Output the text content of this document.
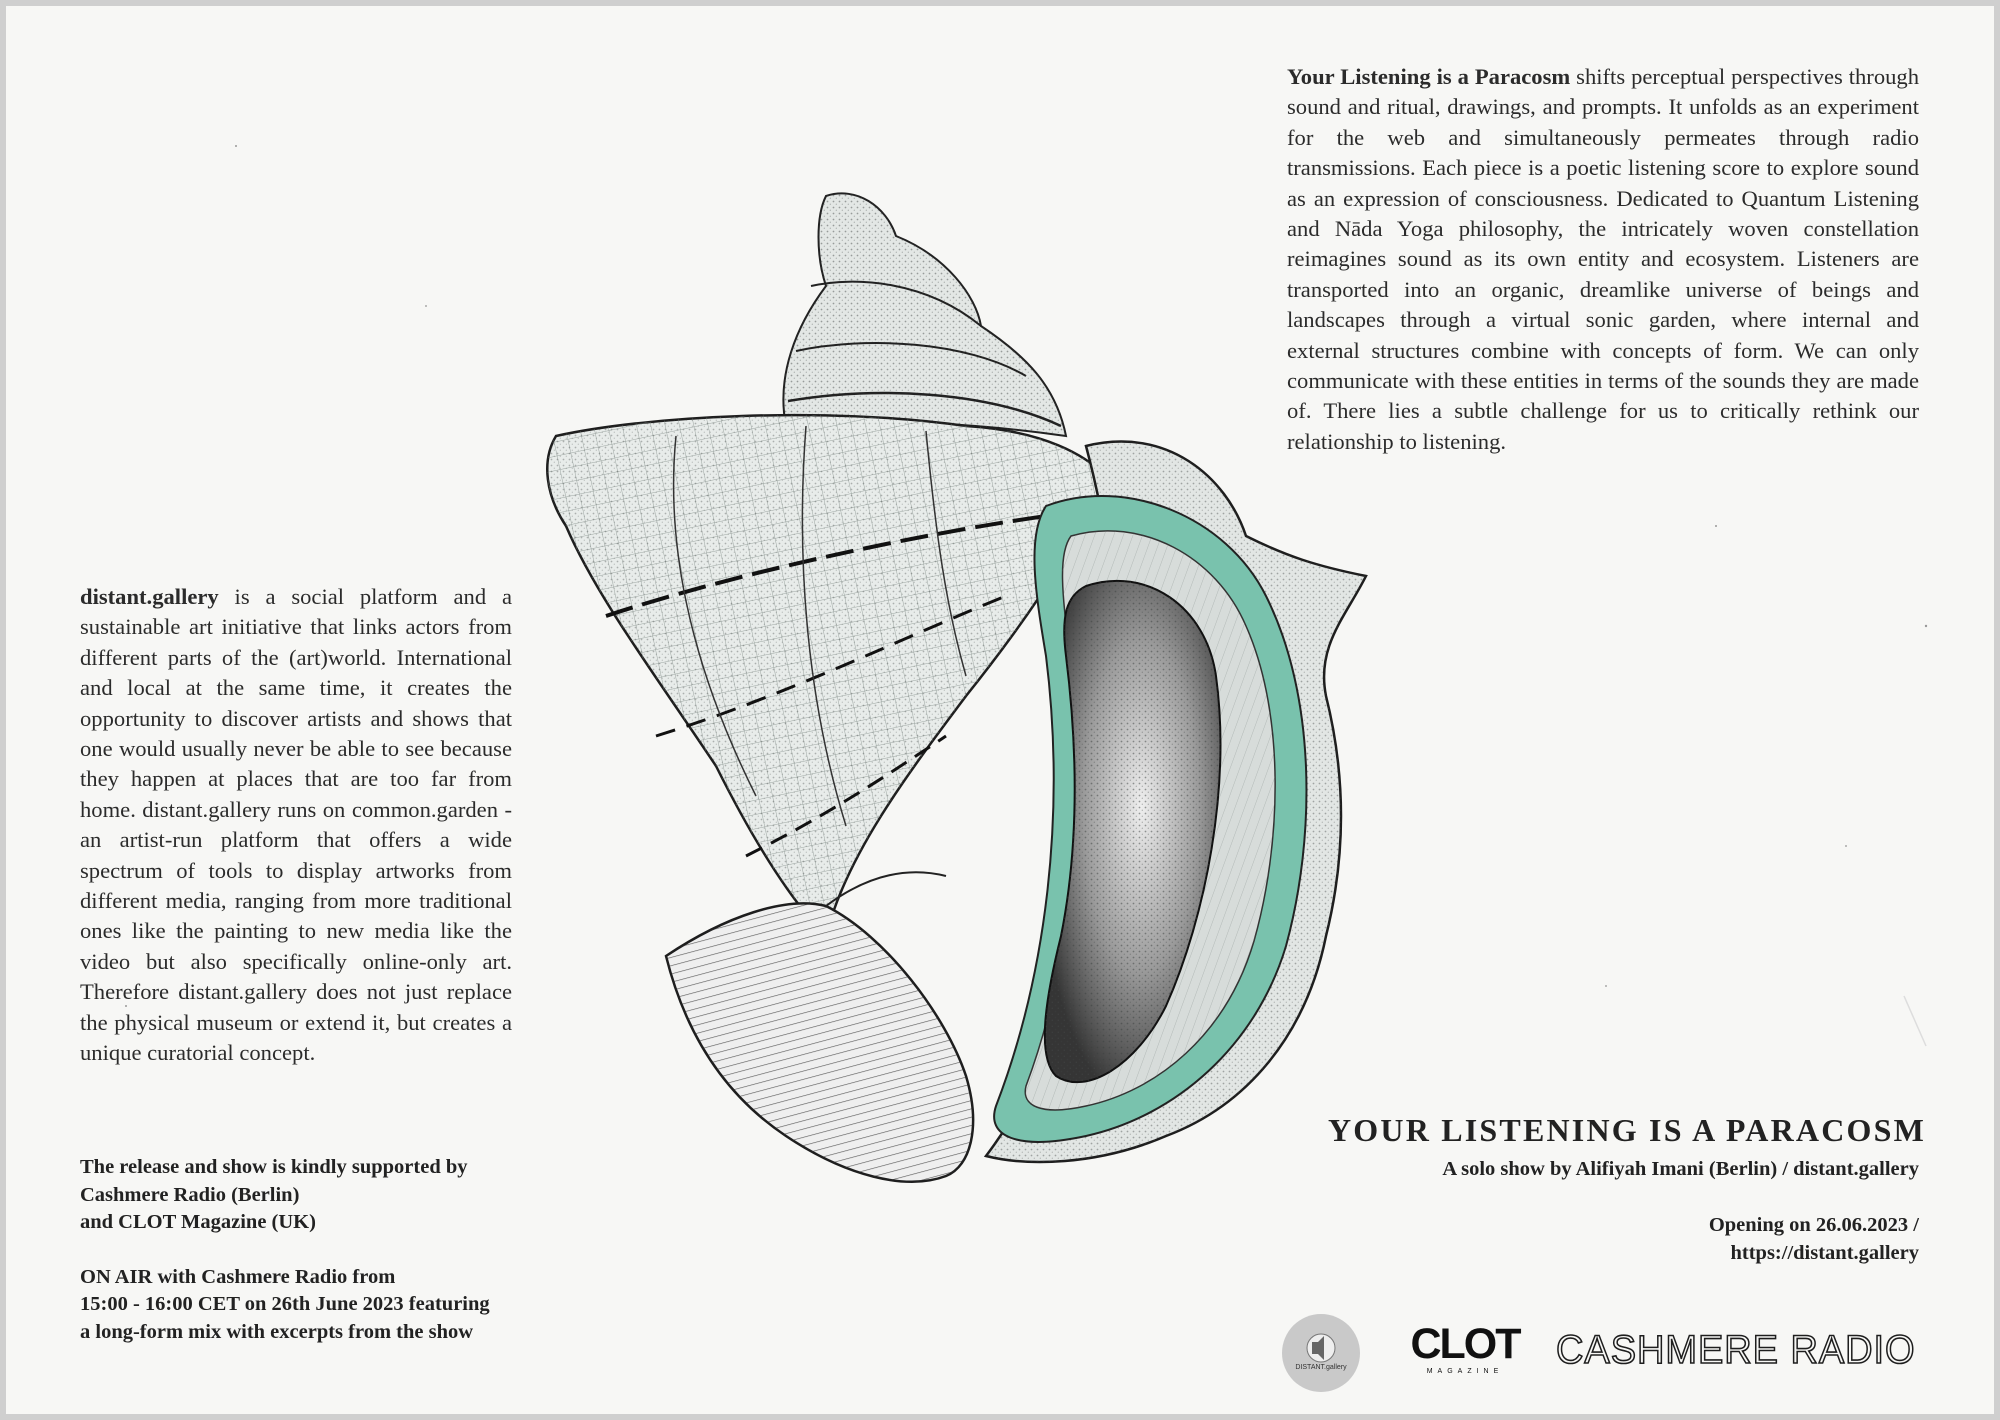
Your Listening is a Paracosm shifts perceptual perspectives through sound and ritual, drawings, and prompts. It unfolds as an experiment for the web and simultaneously permeates through radio transmissions. Each piece is a poetic listening score to explore sound as an expression of consciousness. Dedicated to Quantum Listening and Nāda Yoga philosophy, the intricately woven constellation reimagines sound as its own entity and ecosystem. Listeners are transported into an organic, dreamlike universe of beings and landscapes through a virtual sonic garden, where internal and external structures combine with concepts of form. We can only communicate with these entities in terms of the sounds they are made of. There lies a subtle challenge for us to critically rethink our relationship to listening.
distant.gallery is a social platform and a sustainable art initiative that links actors from different parts of the (art)world. International and local at the same time, it creates the opportunity to discover artists and shows that one would usually never be able to see because they happen at places that are too far from home. distant.gallery runs on common.garden - an artist-run platform that offers a wide spectrum of tools to display artworks from different media, ranging from more traditional ones like the painting to new media like the video but also specifically online-only art. Therefore distant.gallery does not just replace the physical museum or extend it, but creates a unique curatorial concept.
The release and show is kindly supported by
Cashmere Radio (Berlin)
and CLOT Magazine (UK)
ON AIR with Cashmere Radio from
15:00 - 16:00 CET on 26th June 2023 featuring
a long-form mix with excerpts from the show
YOUR LISTENING IS A PARACOSM
A solo show by Alifiyah Imani (Berlin) / distant.gallery
Opening on 26.06.2023 /
https://distant.gallery
DISTANT.gallery	CLOT
MAGAZINE	CASHMERE RADIO
